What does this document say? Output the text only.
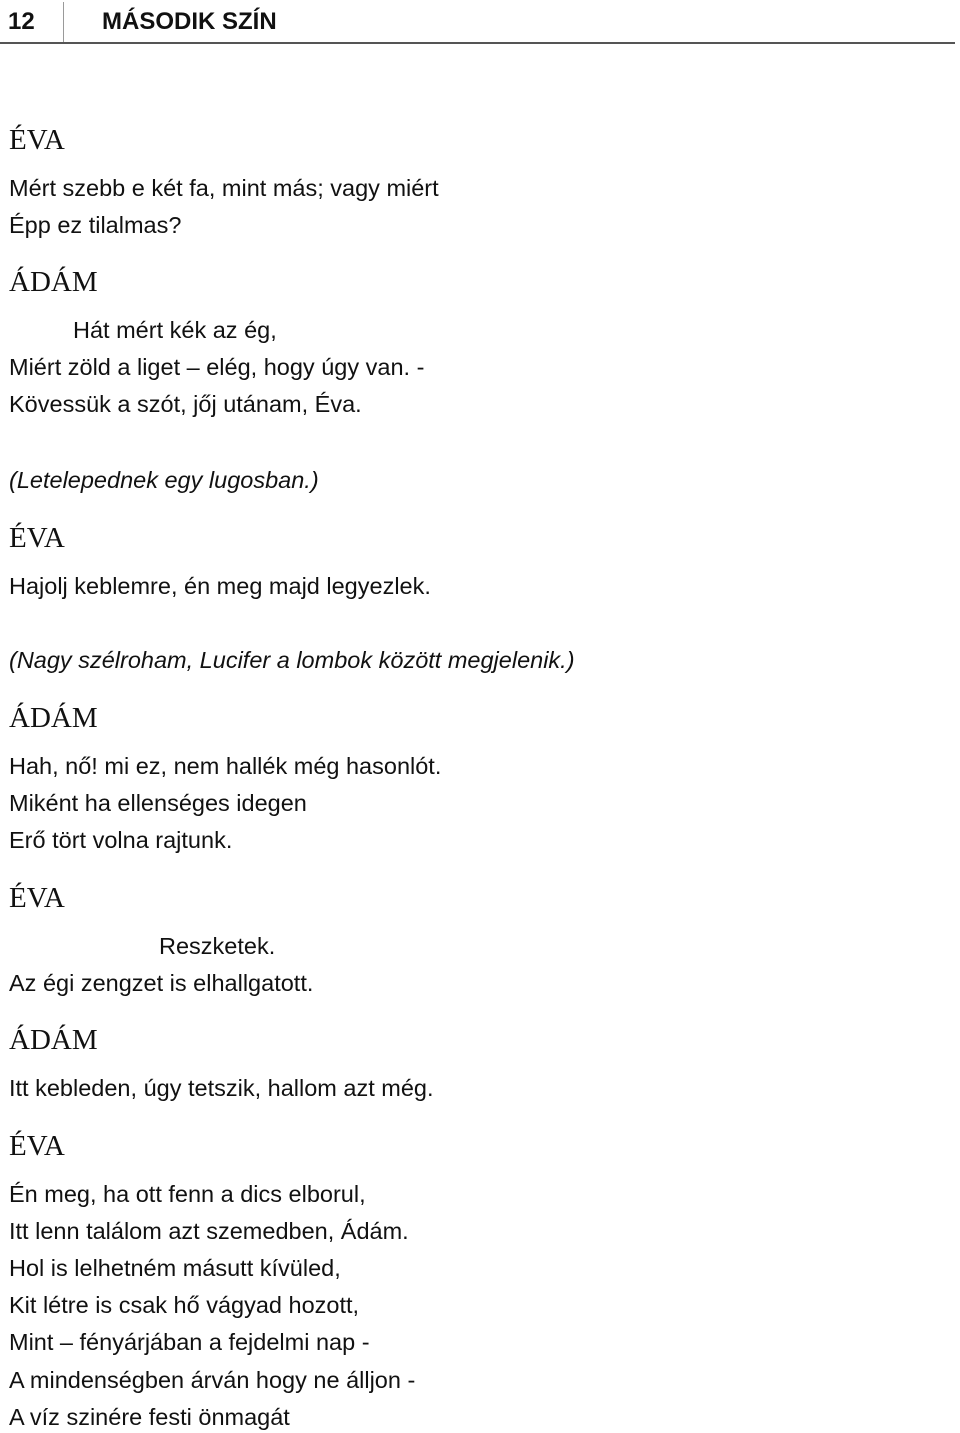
12	MÁSODIK SZÍN
ÉVA
Mért szebb e két fa, mint más; vagy miért
Épp ez tilalmas?
ÁDÁM
Hát mért kék az ég,
Miért zöld a liget – elég, hogy úgy van. -
Kövessük a szót, jőj utánam, Éva.
(Letelepednek egy lugosban.)
ÉVA
Hajolj keblemre, én meg majd legyezlek.
(Nagy szélroham, Lucifer a lombok között megjelenik.)
ÁDÁM
Hah, nő! mi ez, nem hallék még hasonlót.
Miként ha ellenséges idegen
Erő tört volna rajtunk.
ÉVA
Reszketek.
Az égi zengzet is elhallgatott.
ÁDÁM
Itt kebleden, úgy tetszik, hallom azt még.
ÉVA
Én meg, ha ott fenn a dics elborul,
Itt lenn találom azt szemedben, Ádám.
Hol is lelhetném másutt kívüled,
Kit létre is csak hő vágyad hozott,
Mint – fényárjában a fejdelmi nap -
A mindenségben árván hogy ne álljon -
A víz szinére festi önmagát
